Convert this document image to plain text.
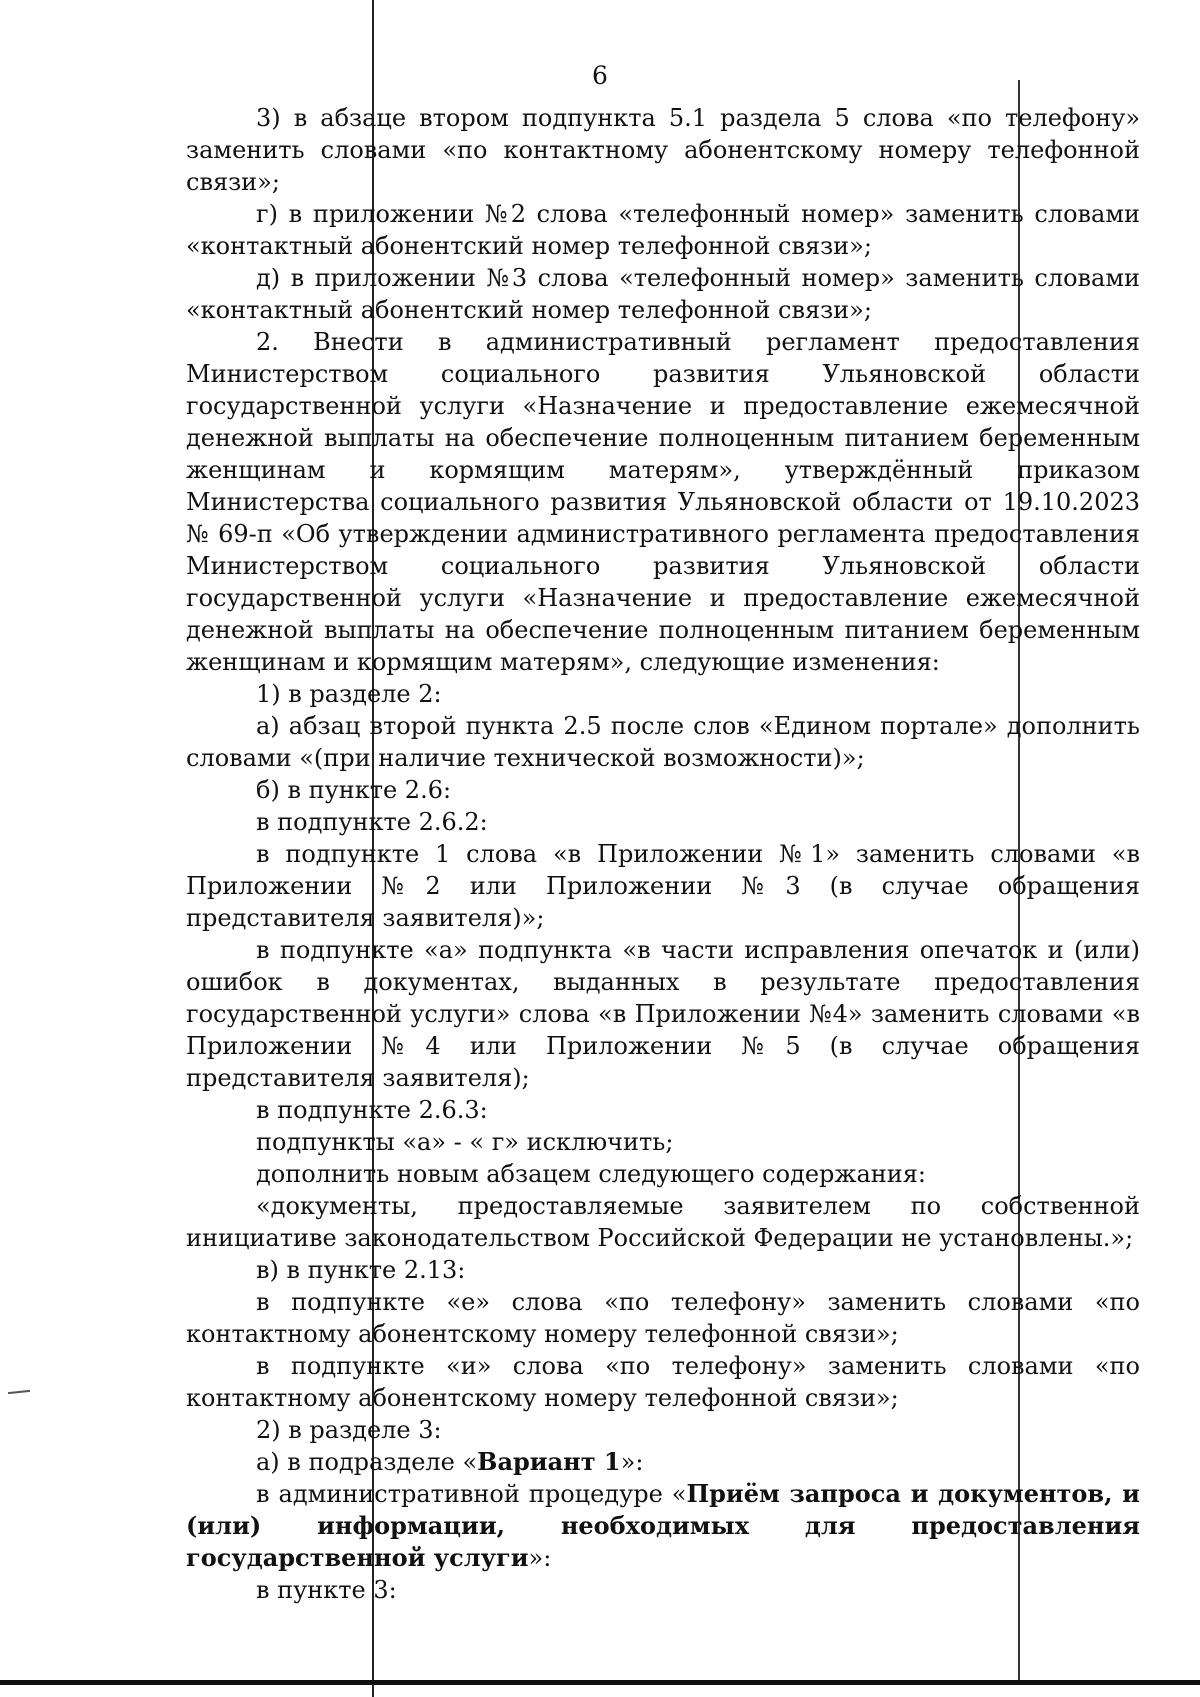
6

3) в абзаце втором подпункта 5.1 раздела 5 слова «по телефону» заменить словами «по контактному абонентскому номеру телефонной связи»;

г) в приложении №2 слова «телефонный номер» заменить словами «контактный абонентский номер телефонной связи»;

д) в приложении №3 слова «телефонный номер» заменить словами «контактный абонентский номер телефонной связи»;

2. Внести в административный регламент предоставления Министерством социального развития Ульяновской области государственной услуги «Назначение и предоставление ежемесячной денежной выплаты на обеспечение полноценным питанием беременным женщинам и кормящим матерям», утверждённый приказом Министерства социального развития Ульяновской области от 19.10.2023 № 69-п «Об утверждении административного регламента предоставления Министерством социального развития Ульяновской области государственной услуги «Назначение и предоставление ежемесячной денежной выплаты на обеспечение полноценным питанием беременным женщинам и кормящим матерям», следующие изменения:

1) в разделе 2:

а) абзац второй пункта 2.5 после слов «Едином портале» дополнить словами «(при наличие технической возможности)»;

б) в пункте 2.6:

в подпункте 2.6.2:

в подпункте 1 слова «в Приложении №1» заменить словами «в Приложении №2 или Приложении №3 (в случае обращения представителя заявителя)»;

в подпункте «а» подпункта «в части исправления опечаток и (или) ошибок в документах, выданных в результате предоставления государственной услуги» слова «в Приложении №4» заменить словами «в Приложении №4 или Приложении №5 (в случае обращения представителя заявителя);

в подпункте 2.6.3:

подпункты «а» - « г» исключить;

дополнить новым абзацем следующего содержания:

«документы, предоставляемые заявителем по собственной инициативе законодательством Российской Федерации не установлены.»;

в) в пункте 2.13:

в подпункте «е» слова «по телефону» заменить словами «по контактному абонентскому номеру телефонной связи»;

в подпункте «и» слова «по телефону» заменить словами «по контактному абонентскому номеру телефонной связи»;

2) в разделе 3:

а) в подразделе «Вариант 1»:

в административной процедуре «Приём запроса и документов, и (или) информации, необходимых для предоставления государственной услуги»:

в пункте 3:
